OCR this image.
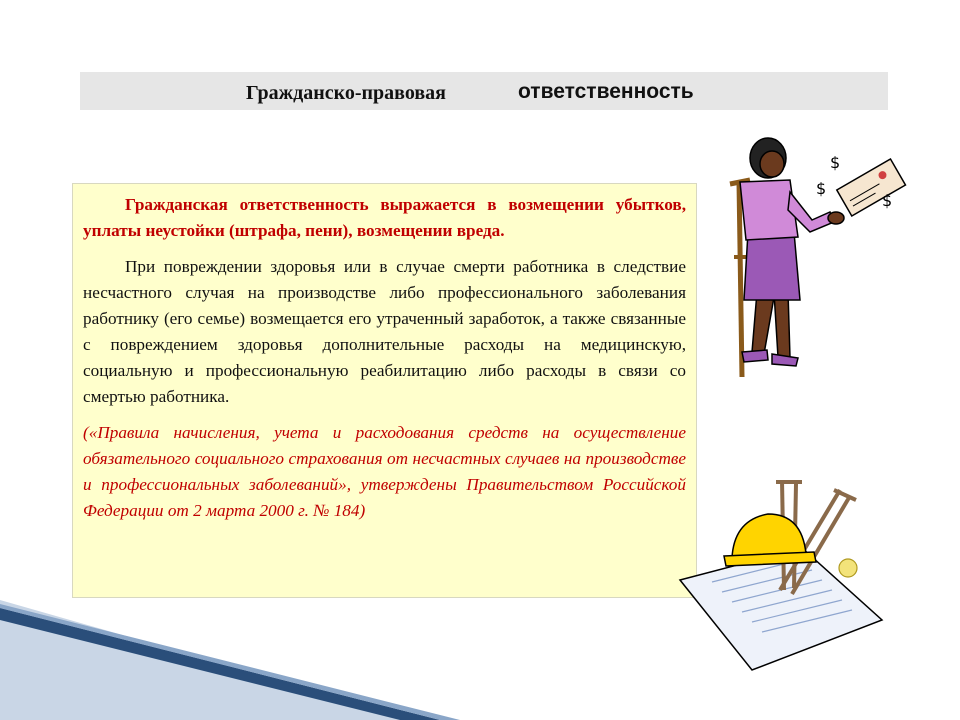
Гражданско-правовая	ответственность

Гражданская ответственность выражается в возмещении убытков, уплаты неустойки (штрафа, пени), возмещении вреда.

При повреждении здоровья или в случае смерти работника в следствие несчастного случая на производстве либо профессионального заболевания работнику (его семье) возмещается его утраченный заработок, а также связанные с повреждением здоровья дополнительные расходы на медицинскую, социальную и профессиональную реабилитацию либо расходы в связи со смертью работника.

(«Правила начисления, учета и расходования средств на осуществление обязательного социального страхования от несчастных случаев на производстве и профессиональных заболеваний», утверждены Правительством Российской Федерации от 2 марта 2000 г. № 184)

$
$
$
